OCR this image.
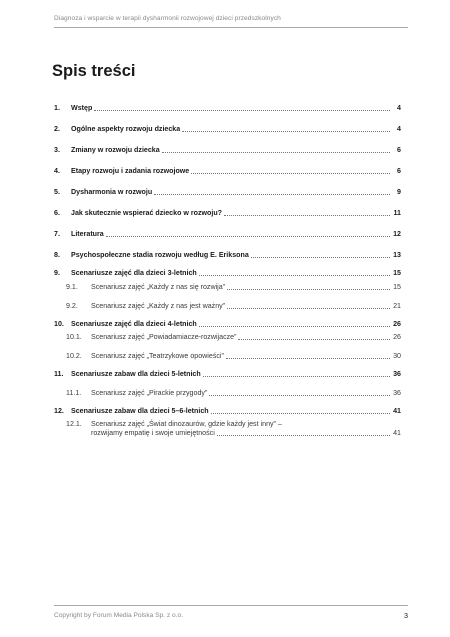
Diagnoza i wsparcie w terapii dysharmonii rozwojowej dzieci przedszkolnych
Spis treści
1.	Wstęp	4
2.	Ogólne aspekty rozwoju dziecka	4
3.	Zmiany w rozwoju dziecka	6
4.	Etapy rozwoju i zadania rozwojowe	6
5.	Dysharmonia w rozwoju	9
6.	Jak skutecznie wspierać dziecko w rozwoju?	11
7.	Literatura	12
8.	Psychospołeczne stadia rozwoju według E. Eriksona	13
9.	Scenariusze zajęć dla dzieci 3-letnich	15
9.1.	Scenariusz zajęć „Każdy z nas się rozwija”	15
9.2.	Scenariusz zajęć „Każdy z nas jest ważny”	21
10.	Scenariusze zajęć dla dzieci 4-letnich	26
10.1.	Scenariusz zajęć „Powiadamiacze-rozwijacze”	26
10.2.	Scenariusz zajęć „Teatrzykowe opowieści”	30
11.	Scenariusze zabaw dla dzieci 5-letnich	36
11.1.	Scenariusz zajęć „Pirackie przygody”	36
12.	Scenariusze zabaw dla dzieci 5–6-letnich	41
12.1.	Scenariusz zajęć „Świat dinozaurów, gdzie każdy jest inny” –
rozwijamy empatię i swoje umiejętności	41
Copyright by Forum Media Polska Sp. z o.o.	3
